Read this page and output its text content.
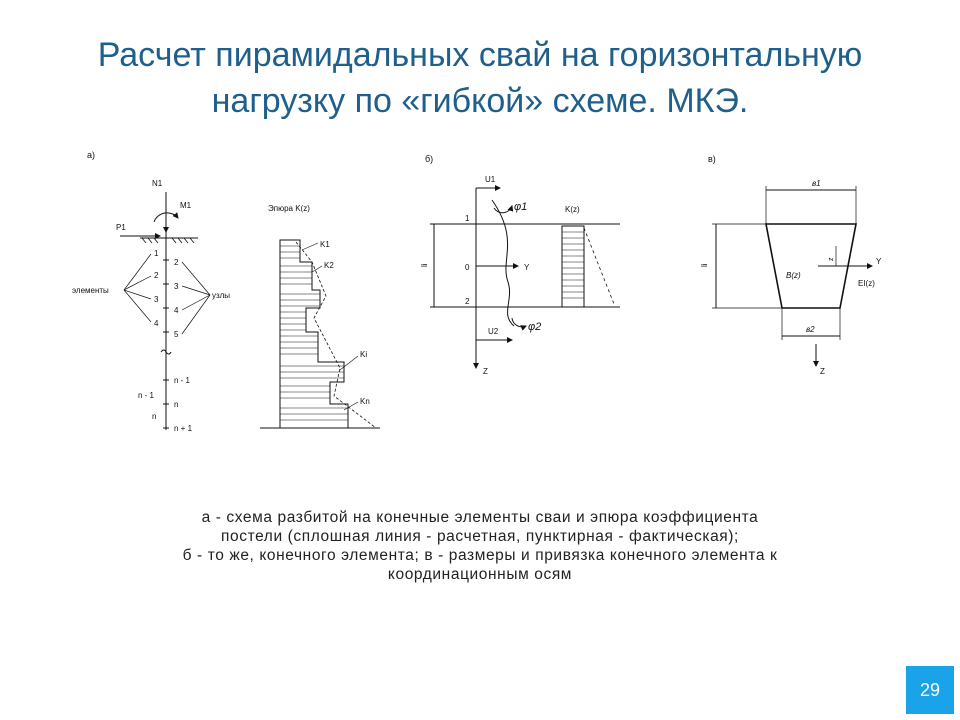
Расчет пирамидальных свай на горизонтальную
нагрузку по «гибкой» схеме. МКЭ.
а)
N1
M1
P1
1
2
3
4
2
3
4
5
n - 1
n
n - 1
n
n + 1
элементы
узлы
Эпюра K(z)
K1
K2
Ki
Kn
б)
Z
li
1
0
2
Y
U1
φ1
U2	φ2
K(z)
в)
в1
li	Y
EI(z)
B(z)
z
в2
Z
а - схема разбитой на конечные элементы сваи и эпюра коэффициента
постели (сплошная линия - расчетная, пунктирная - фактическая);
б - то же, конечного элемента; в - размеры и привязка конечного элемента к
координационным осям
29
